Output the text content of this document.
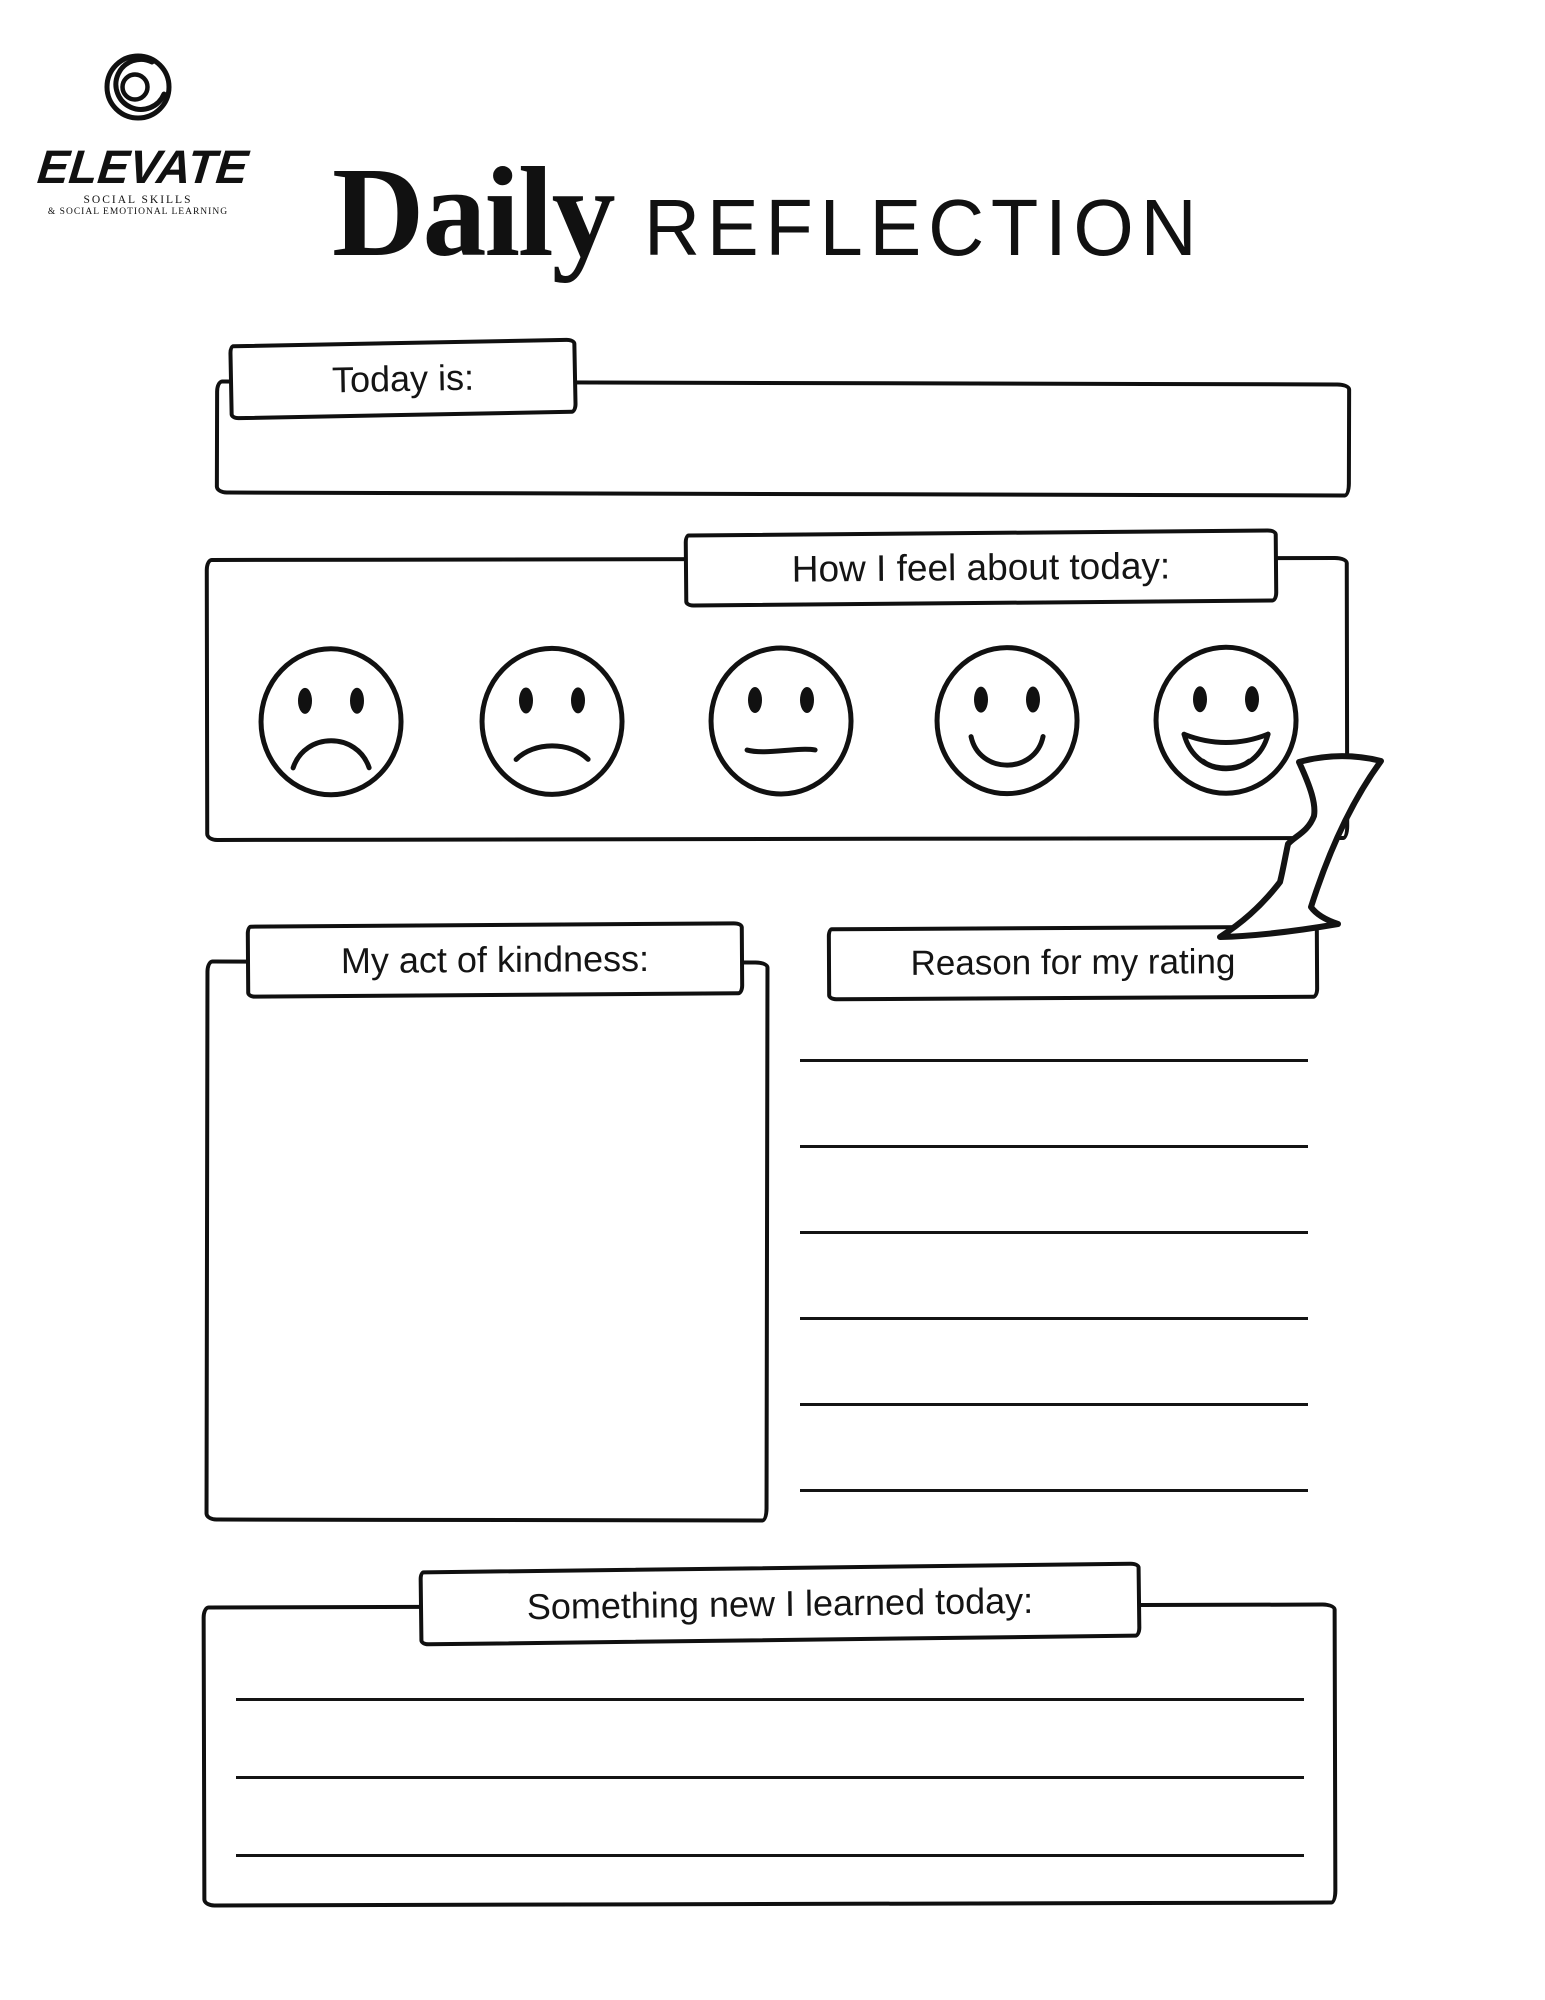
ELEVATE
SOCIAL SKILLS
& SOCIAL EMOTIONAL LEARNING Daily REFLECTION
Today is:
How I feel about today:
My act of kindness:	Reason for my rating
Something new I learned today:
